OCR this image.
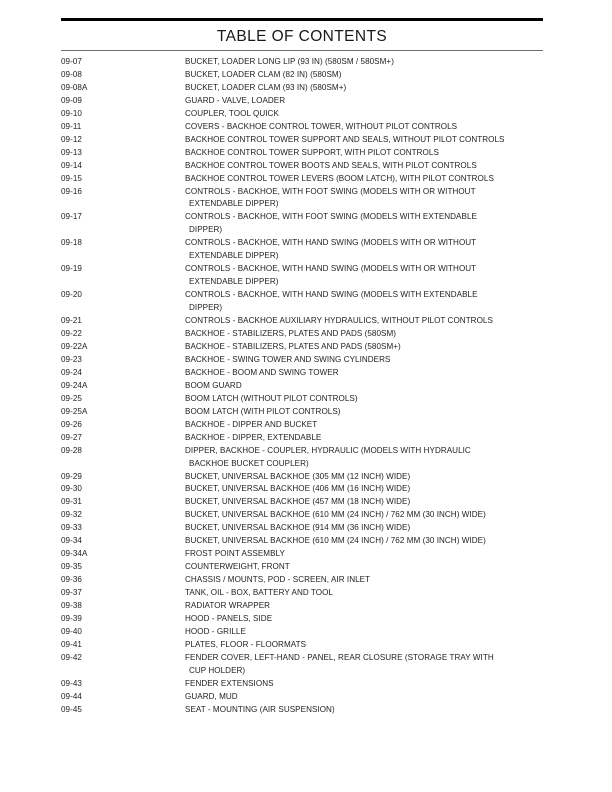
TABLE OF CONTENTS
09-07	BUCKET, LOADER LONG LIP (93 IN) (580SM / 580SM+)
09-08	BUCKET, LOADER CLAM (82 IN) (580SM)
09-08A	BUCKET, LOADER CLAM (93 IN) (580SM+)
09-09	GUARD - VALVE, LOADER
09-10	COUPLER, TOOL QUICK
09-11	COVERS - BACKHOE CONTROL TOWER, WITHOUT PILOT CONTROLS
09-12	BACKHOE CONTROL TOWER SUPPORT AND SEALS, WITHOUT PILOT CONTROLS
09-13	BACKHOE CONTROL TOWER SUPPORT, WITH PILOT CONTROLS
09-14	BACKHOE CONTROL TOWER BOOTS AND SEALS, WITH PILOT CONTROLS
09-15	BACKHOE CONTROL TOWER LEVERS (BOOM LATCH), WITH PILOT CONTROLS
09-16	CONTROLS - BACKHOE, WITH FOOT SWING (MODELS WITH OR WITHOUT
EXTENDABLE DIPPER)
09-17	CONTROLS - BACKHOE, WITH FOOT SWING (MODELS WITH EXTENDABLE
DIPPER)
09-18	CONTROLS - BACKHOE, WITH HAND SWING (MODELS WITH OR WITHOUT
EXTENDABLE DIPPER)
09-19	CONTROLS - BACKHOE, WITH HAND SWING (MODELS WITH OR WITHOUT
EXTENDABLE DIPPER)
09-20	CONTROLS - BACKHOE, WITH HAND SWING (MODELS WITH EXTENDABLE
DIPPER)
09-21	CONTROLS - BACKHOE AUXILIARY HYDRAULICS, WITHOUT PILOT CONTROLS
09-22	BACKHOE - STABILIZERS, PLATES AND PADS (580SM)
09-22A	BACKHOE - STABILIZERS, PLATES AND PADS (580SM+)
09-23	BACKHOE - SWING TOWER AND SWING CYLINDERS
09-24	BACKHOE - BOOM AND SWING TOWER
09-24A	BOOM GUARD
09-25	BOOM LATCH (WITHOUT PILOT CONTROLS)
09-25A	BOOM LATCH (WITH PILOT CONTROLS)
09-26	BACKHOE - DIPPER AND BUCKET
09-27	BACKHOE - DIPPER, EXTENDABLE
09-28	DIPPER, BACKHOE - COUPLER, HYDRAULIC (MODELS WITH HYDRAULIC
BACKHOE BUCKET COUPLER)
09-29	BUCKET, UNIVERSAL BACKHOE (305 MM (12 INCH) WIDE)
09-30	BUCKET, UNIVERSAL BACKHOE (406 MM (16 INCH) WIDE)
09-31	BUCKET, UNIVERSAL BACKHOE (457 MM (18 INCH) WIDE)
09-32	BUCKET, UNIVERSAL BACKHOE (610 MM (24 INCH) / 762 MM (30 INCH) WIDE)
09-33	BUCKET, UNIVERSAL BACKHOE (914 MM (36 INCH) WIDE)
09-34	BUCKET, UNIVERSAL BACKHOE (610 MM (24 INCH) / 762 MM (30 INCH) WIDE)
09-34A	FROST POINT ASSEMBLY
09-35	COUNTERWEIGHT, FRONT
09-36	CHASSIS / MOUNTS, POD - SCREEN, AIR INLET
09-37	TANK, OIL - BOX, BATTERY AND TOOL
09-38	RADIATOR WRAPPER
09-39	HOOD - PANELS, SIDE
09-40	HOOD - GRILLE
09-41	PLATES, FLOOR - FLOORMATS
09-42	FENDER COVER, LEFT-HAND - PANEL, REAR CLOSURE (STORAGE TRAY WITH
CUP HOLDER)
09-43	FENDER EXTENSIONS
09-44	GUARD, MUD
09-45	SEAT - MOUNTING (AIR SUSPENSION)
